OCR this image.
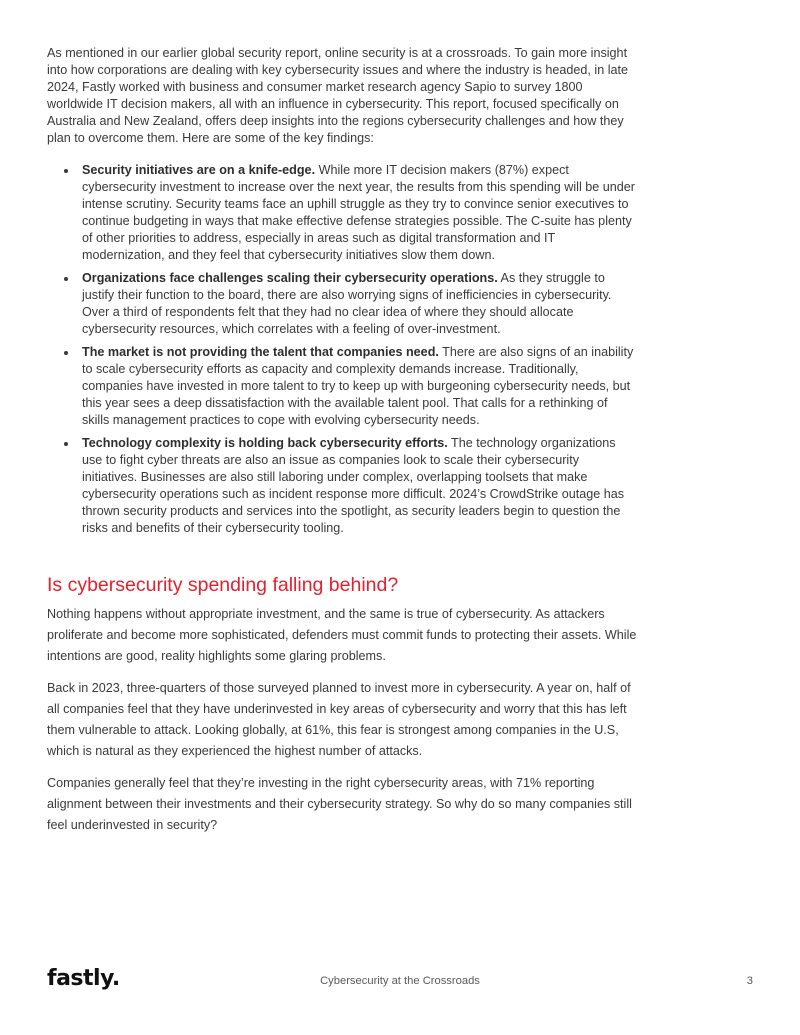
As mentioned in our earlier global security report, online security is at a crossroads. To gain more insight into how corporations are dealing with key cybersecurity issues and where the industry is headed, in late 2024, Fastly worked with business and consumer market research agency Sapio to survey 1800 worldwide IT decision makers, all with an influence in cybersecurity. This report, focused specifically on Australia and New Zealand, offers deep insights into the regions cybersecurity challenges and how they plan to overcome them. Here are some of the key findings:

Security initiatives are on a knife-edge. While more IT decision makers (87%) expect cybersecurity investment to increase over the next year, the results from this spending will be under intense scrutiny. Security teams face an uphill struggle as they try to convince senior executives to continue budgeting in ways that make effective defense strategies possible. The C-suite has plenty of other priorities to address, especially in areas such as digital transformation and IT modernization, and they feel that cybersecurity initiatives slow them down.
Organizations face challenges scaling their cybersecurity operations. As they struggle to justify their function to the board, there are also worrying signs of inefficiencies in cybersecurity. Over a third of respondents felt that they had no clear idea of where they should allocate cybersecurity resources, which correlates with a feeling of over-investment.
The market is not providing the talent that companies need. There are also signs of an inability to scale cybersecurity efforts as capacity and complexity demands increase. Traditionally, companies have invested in more talent to try to keep up with burgeoning cybersecurity needs, but this year sees a deep dissatisfaction with the available talent pool. That calls for a rethinking of skills management practices to cope with evolving cybersecurity needs.
Technology complexity is holding back cybersecurity efforts. The technology organizations use to fight cyber threats are also an issue as companies look to scale their cybersecurity initiatives. Businesses are also still laboring under complex, overlapping toolsets that make cybersecurity operations such as incident response more difficult. 2024’s CrowdStrike outage has thrown security products and services into the spotlight, as security leaders begin to question the risks and benefits of their cybersecurity tooling.
Is cybersecurity spending falling behind?

Nothing happens without appropriate investment, and the same is true of cybersecurity. As attackers proliferate and become more sophisticated, defenders must commit funds to protecting their assets. While intentions are good, reality highlights some glaring problems.

Back in 2023, three-quarters of those surveyed planned to invest more in cybersecurity. A year on, half of all companies feel that they have underinvested in key areas of cybersecurity and worry that this has left them vulnerable to attack. Looking globally, at 61%, this fear is strongest among companies in the U.S, which is natural as they experienced the highest number of attacks.

Companies generally feel that they’re investing in the right cybersecurity areas, with 71% reporting alignment between their investments and their cybersecurity strategy. So why do so many companies still feel underinvested in security?

fastly.	Cybersecurity at the Crossroads	3
